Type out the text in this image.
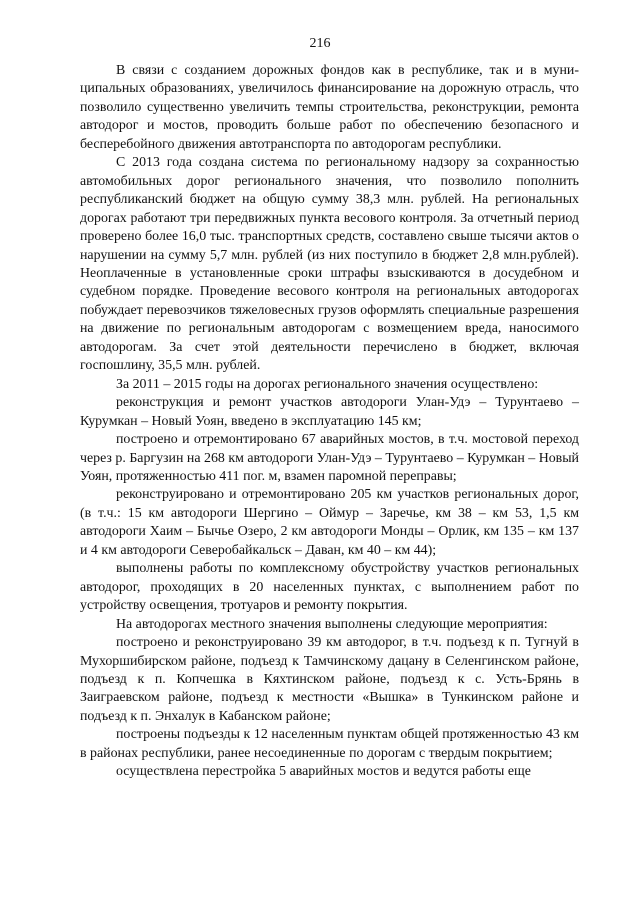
216

В связи с созданием дорожных фондов как в республике, так и в муниципальных образованиях, увеличилось финансирование на дорожную отрасль, что позволило существенно увеличить темпы строительства, реконструкции, ремонта автодорог и мостов, проводить больше работ по обеспечению безопасного и бесперебойного движения автотранспорта по автодорогам республики.

С 2013 года создана система по региональному надзору за сохранностью автомобильных дорог регионального значения, что позволило пополнить республиканский бюджет на общую сумму 38,3 млн. рублей. На региональных дорогах работают три передвижных пункта весового контроля. За отчетный период проверено более 16,0 тыс. транспортных средств, составлено свыше тысячи актов о нарушении на сумму 5,7 млн. рублей (из них поступило в бюджет 2,8 млн.рублей). Неоплаченные в установленные сроки штрафы взыскиваются в досудебном и судебном порядке. Проведение весового контроля на региональных автодорогах побуждает перевозчиков тяжеловесных грузов оформлять специальные разрешения на движение по региональным автодорогам с возмещением вреда, наносимого автодорогам. За счет этой деятельности перечислено в бюджет, включая госпошлину, 35,5 млн. рублей.

За 2011 – 2015 годы на дорогах регионального значения осуществлено:

реконструкция и ремонт участков автодороги Улан-Удэ – Турунтаево – Курумкан – Новый Уоян, введено в эксплуатацию 145 км;

построено и отремонтировано 67 аварийных мостов, в т.ч. мостовой переход через р. Баргузин на 268 км автодороги Улан-Удэ – Турунтаево – Курумкан – Новый Уоян, протяженностью 411 пог. м, взамен паромной переправы;

реконструировано и отремонтировано 205 км участков региональных дорог, (в т.ч.: 15 км автодороги Шергино – Оймур – Заречье, км 38 – км 53, 1,5 км автодороги Хаим – Бычье Озеро, 2 км автодороги Монды – Орлик, км 135 – км 137 и 4 км автодороги Северобайкальск – Даван, км 40 – км 44);

выполнены работы по комплексному обустройству участков региональных автодорог, проходящих в 20 населенных пунктах, с выполнением работ по устройству освещения, тротуаров и ремонту покрытия.

На автодорогах местного значения выполнены следующие мероприятия:

построено и реконструировано 39 км автодорог, в т.ч. подъезд к п. Тугнуй в Мухоршибирском районе, подъезд к Тамчинскому дацану в Селенгинском районе, подъезд к п. Копчешка в Кяхтинском районе, подъезд к с. Усть-Брянь в Заиграевском районе, подъезд к местности «Вышка» в Тункинском районе и подъезд к п. Энхалук в Кабанском районе;

построены подъезды к 12 населенным пунктам общей протяженностью 43 км в районах республики, ранее несоединенные по дорогам с твердым покрытием;

осуществлена перестройка 5 аварийных мостов и ведутся работы еще
